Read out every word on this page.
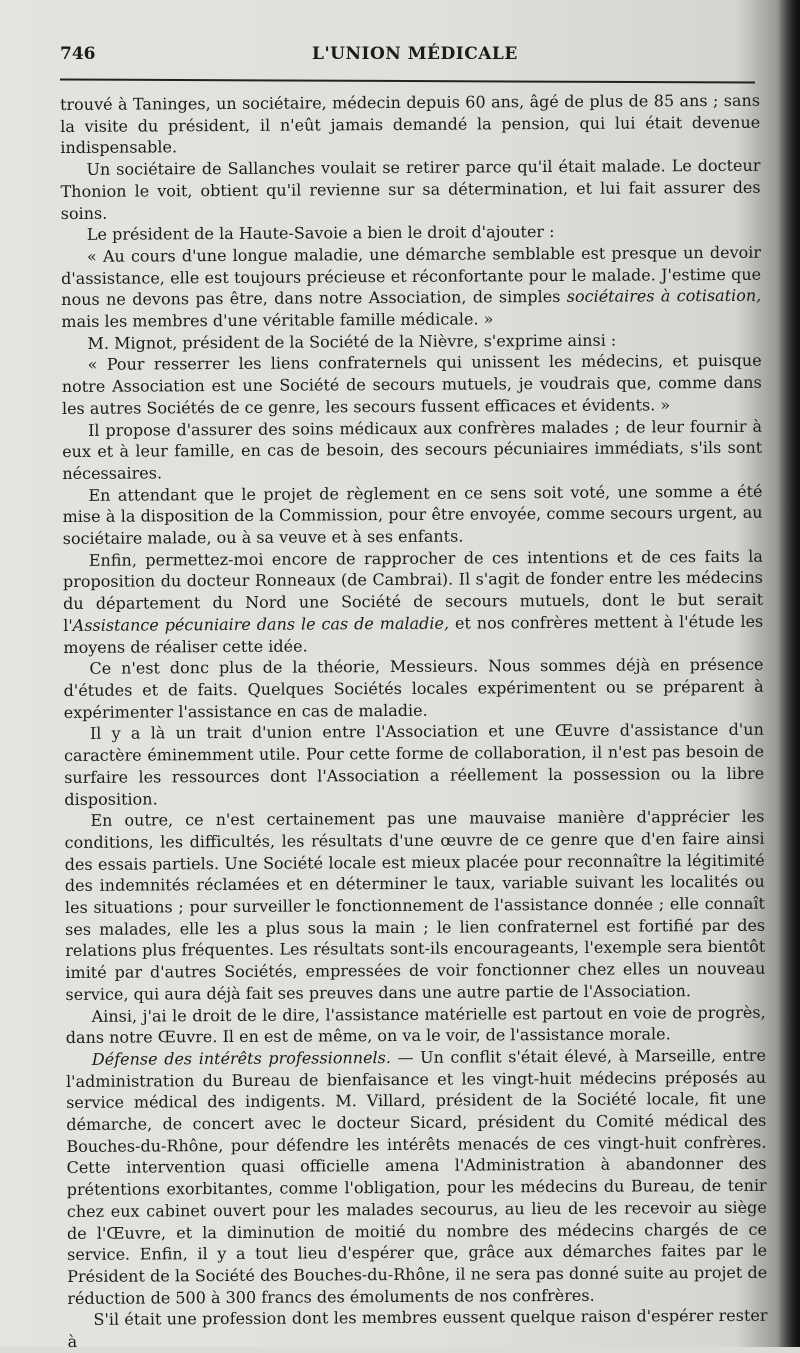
746	L'UNION MÉDICALE

trouvé à Taninges, un sociétaire, médecin depuis 60 ans, âgé de plus de 85 ans ; sans la visite du président, il n'eût jamais demandé la pension, qui lui était devenue indispensable.

Un sociétaire de Sallanches voulait se retirer parce qu'il était malade. Le docteur Thonion le voit, obtient qu'il revienne sur sa détermination, et lui fait assurer des soins.

Le président de la Haute-Savoie a bien le droit d'ajouter :

« Au cours d'une longue maladie, une démarche semblable est presque un devoir d'assistance, elle est toujours précieuse et réconfortante pour le malade. J'estime que nous ne devons pas être, dans notre Association, de simples sociétaires à cotisation, mais les membres d'une véritable famille médicale. »

M. Mignot, président de la Société de la Nièvre, s'exprime ainsi :

« Pour resserrer les liens confraternels qui unissent les médecins, et puisque notre Association est une Société de secours mutuels, je voudrais que, comme dans les autres Sociétés de ce genre, les secours fussent efficaces et évidents. »

Il propose d'assurer des soins médicaux aux confrères malades ; de leur fournir à eux et à leur famille, en cas de besoin, des secours pécuniaires immédiats, s'ils sont nécessaires.

En attendant que le projet de règlement en ce sens soit voté, une somme a été mise à la disposition de la Commission, pour être envoyée, comme secours urgent, au sociétaire malade, ou à sa veuve et à ses enfants.

Enfin, permettez-moi encore de rapprocher de ces intentions et de ces faits la proposition du docteur Ronneaux (de Cambrai). Il s'agit de fonder entre les médecins du département du Nord une Société de secours mutuels, dont le but serait l'Assistance pécuniaire dans le cas de maladie, et nos confrères mettent à l'étude les moyens de réaliser cette idée.

Ce n'est donc plus de la théorie, Messieurs. Nous sommes déjà en présence d'études et de faits. Quelques Sociétés locales expérimentent ou se préparent à expérimenter l'assistance en cas de maladie.

Il y a là un trait d'union entre l'Association et une Œuvre d'assistance d'un caractère éminemment utile. Pour cette forme de collaboration, il n'est pas besoin de surfaire les ressources dont l'Association a réellement la possession ou la libre disposition.

En outre, ce n'est certainement pas une mauvaise manière d'apprécier les conditions, les difficultés, les résultats d'une œuvre de ce genre que d'en faire ainsi des essais partiels. Une Société locale est mieux placée pour reconnaître la légitimité des indemnités réclamées et en déterminer le taux, variable suivant les localités ou les situations ; pour surveiller le fonctionnement de l'assistance donnée ; elle connaît ses malades, elle les a plus sous la main ; le lien confraternel est fortifié par des relations plus fréquentes. Les résultats sont-ils encourageants, l'exemple sera bientôt imité par d'autres Sociétés, empressées de voir fonctionner chez elles un nouveau service, qui aura déjà fait ses preuves dans une autre partie de l'Association.

Ainsi, j'ai le droit de le dire, l'assistance matérielle est partout en voie de progrès, dans notre Œuvre. Il en est de même, on va le voir, de l'assistance morale.

Défense des intérêts professionnels. — Un conflit s'était élevé, à Marseille, entre l'administration du Bureau de bienfaisance et les vingt-huit médecins préposés au service médical des indigents. M. Villard, président de la Société locale, fit une démarche, de concert avec le docteur Sicard, président du Comité médical des Bouches-du-Rhône, pour défendre les intérêts menacés de ces vingt-huit confrères. Cette intervention quasi officielle amena l'Administration à abandonner des prétentions exorbitantes, comme l'obligation, pour les médecins du Bureau, de tenir chez eux cabinet ouvert pour les malades secourus, au lieu de les recevoir au siège de l'Œuvre, et la diminution de moitié du nombre des médecins chargés de ce service. Enfin, il y a tout lieu d'espérer que, grâce aux démarches faites par le Président de la Société des Bouches-du-Rhône, il ne sera pas donné suite au projet de réduction de 500 à 300 francs des émoluments de nos confrères.

S'il était une profession dont les membres eussent quelque raison d'espérer rester à
